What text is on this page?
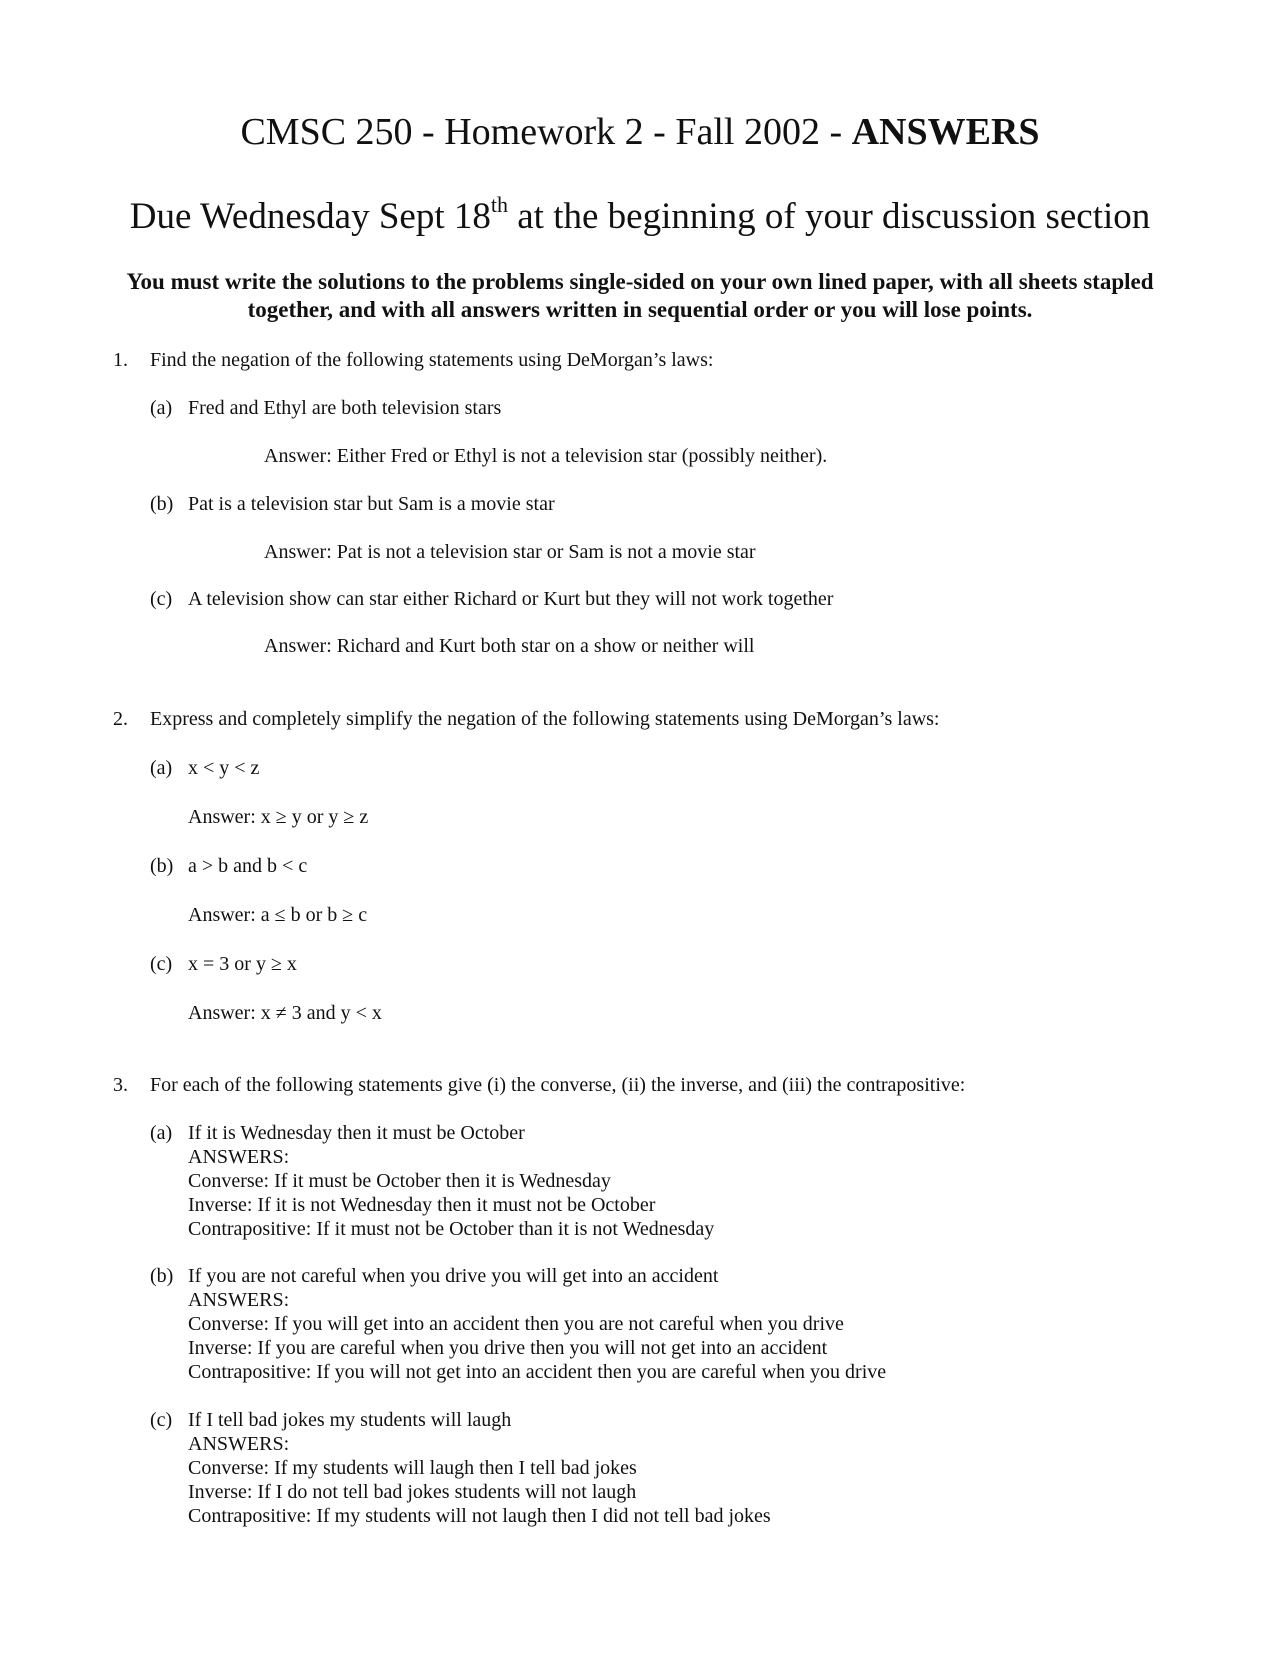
CMSC 250 - Homework 2 - Fall 2002 - ANSWERS
Due Wednesday Sept 18th at the beginning of your discussion section
You must write the solutions to the problems single-sided on your own lined paper, with all sheets stapled together, and with all answers written in sequential order or you will lose points.
1. Find the negation of the following statements using DeMorgan’s laws:
(a) Fred and Ethyl are both television stars
Answer: Either Fred or Ethyl is not a television star (possibly neither).
(b) Pat is a television star but Sam is a movie star
Answer: Pat is not a television star or Sam is not a movie star
(c) A television show can star either Richard or Kurt but they will not work together
Answer: Richard and Kurt both star on a show or neither will
2. Express and completely simplify the negation of the following statements using DeMorgan’s laws:
(a) x < y < z
Answer: x ≥ y or y ≥ z
(b) a > b and b < c
Answer: a ≤ b or b ≥ c
(c) x = 3 or y ≥ x
Answer: x ≠ 3 and y < x
3. For each of the following statements give (i) the converse, (ii) the inverse, and (iii) the contrapositive:
(a) If it is Wednesday then it must be October
ANSWERS:
Converse: If it must be October then it is Wednesday
Inverse: If it is not Wednesday then it must not be October
Contrapositive: If it must not be October than it is not Wednesday
(b) If you are not careful when you drive you will get into an accident
ANSWERS:
Converse: If you will get into an accident then you are not careful when you drive
Inverse: If you are careful when you drive then you will not get into an accident
Contrapositive: If you will not get into an accident then you are careful when you drive
(c) If I tell bad jokes my students will laugh
ANSWERS:
Converse: If my students will laugh then I tell bad jokes
Inverse: If I do not tell bad jokes students will not laugh
Contrapositive: If my students will not laugh then I did not tell bad jokes
